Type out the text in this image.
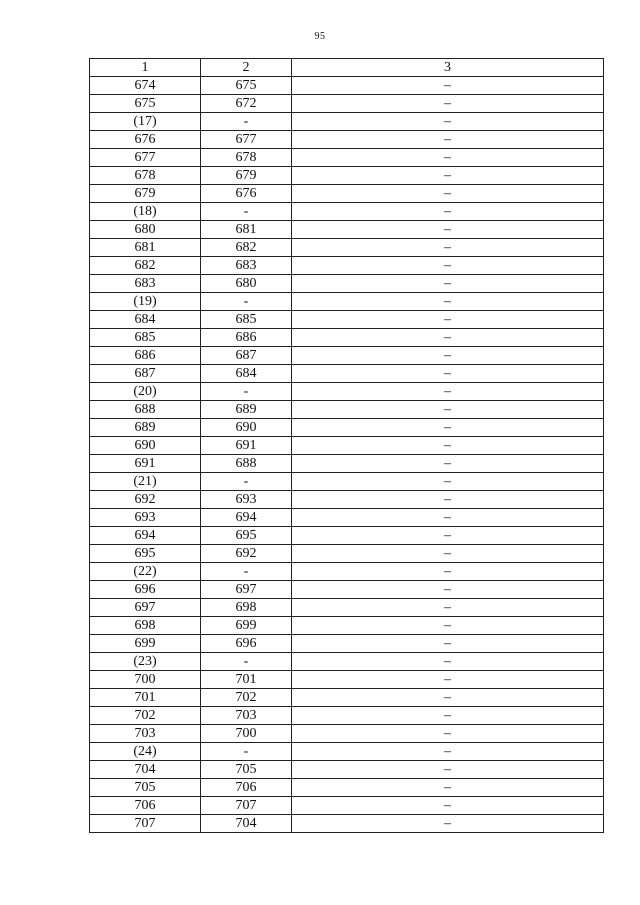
95
1	2	3
674	675	–
675	672	–
(17)	-	–
676	677	–
677	678	–
678	679	–
679	676	–
(18)	-	–
680	681	–
681	682	–
682	683	–
683	680	–
(19)	-	–
684	685	–
685	686	–
686	687	–
687	684	–
(20)	-	–
688	689	–
689	690	–
690	691	–
691	688	–
(21)	-	–
692	693	–
693	694	–
694	695	–
695	692	–
(22)	-	–
696	697	–
697	698	–
698	699	–
699	696	–
(23)	-	–
700	701	–
701	702	–
702	703	–
703	700	–
(24)	-	–
704	705	–
705	706	–
706	707	–
707	704	–
